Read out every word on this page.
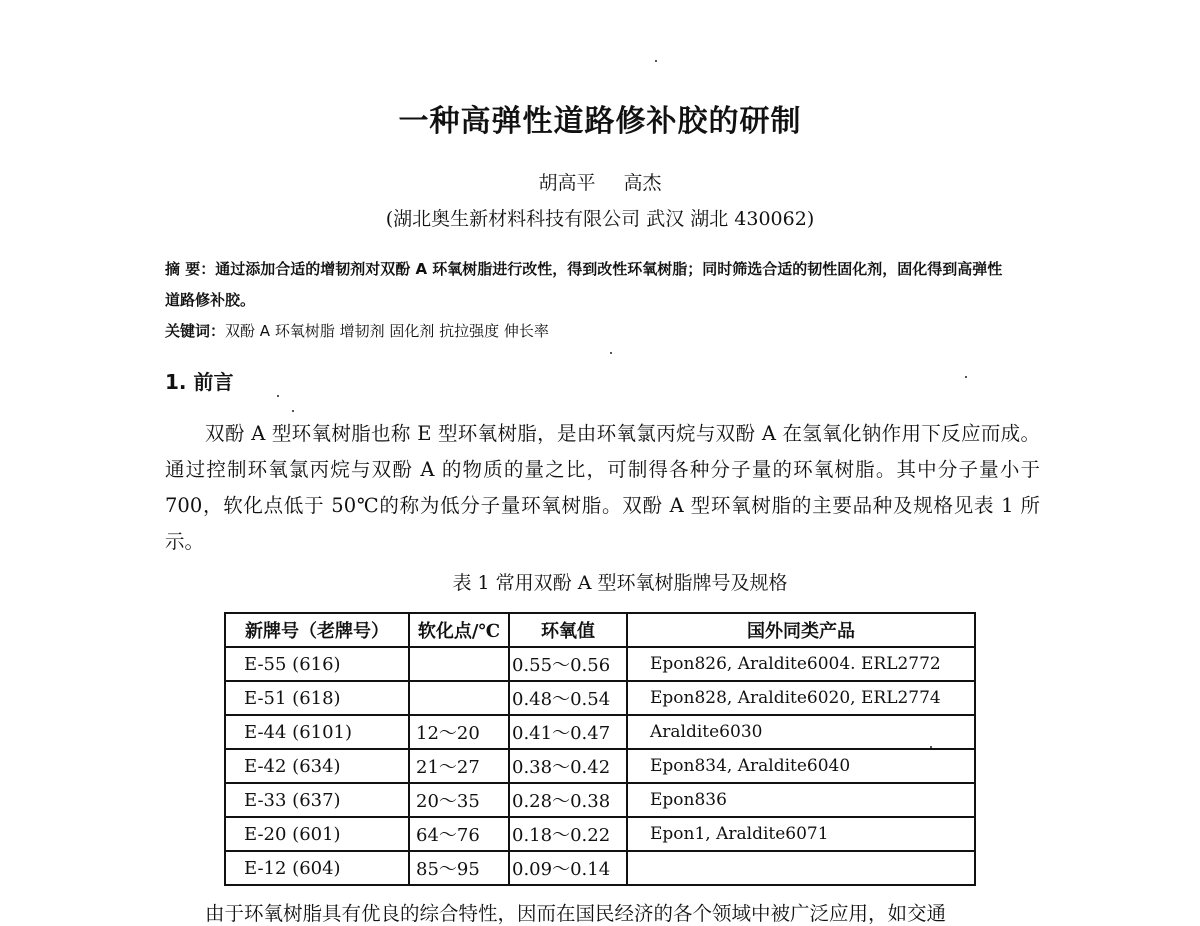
一种高弹性道路修补胶的研制
胡高平 高杰
(湖北奥生新材料科技有限公司 武汉 湖北 430062)
摘 要：通过添加合适的增韧剂对双酚 A 环氧树脂进行改性，得到改性环氧树脂；同时筛选合适的韧性固化剂，固化得到高弹性道路修补胶。
关键词：双酚 A 环氧树脂 增韧剂 固化剂 抗拉强度 伸长率
1. 前言
双酚 A 型环氧树脂也称 E 型环氧树脂，是由环氧氯丙烷与双酚 A 在氢氧化钠作用下反应而成。通过控制环氧氯丙烷与双酚 A 的物质的量之比，可制得各种分子量的环氧树脂。其中分子量小于 700，软化点低于 50℃的称为低分子量环氧树脂。双酚 A 型环氧树脂的主要品种及规格见表 1 所示。
表 1 常用双酚 A 型环氧树脂牌号及规格
新牌号（老牌号）	软化点/℃	环氧值	国外同类产品
E-55 (616)		0.55～0.56	Epon826, Araldite6004. ERL2772
E-51 (618)		0.48～0.54	Epon828, Araldite6020, ERL2774
E-44 (6101)	12～20	0.41～0.47	Araldite6030
E-42 (634)	21～27	0.38～0.42	Epon834, Araldite6040
E-33 (637)	20～35	0.28～0.38	Epon836
E-20 (601)	64～76	0.18～0.22	Epon1, Araldite6071
E-12 (604)	85～95	0.09～0.14	
由于环氧树脂具有优良的综合特性，因而在国民经济的各个领域中被广泛应用，如交通
